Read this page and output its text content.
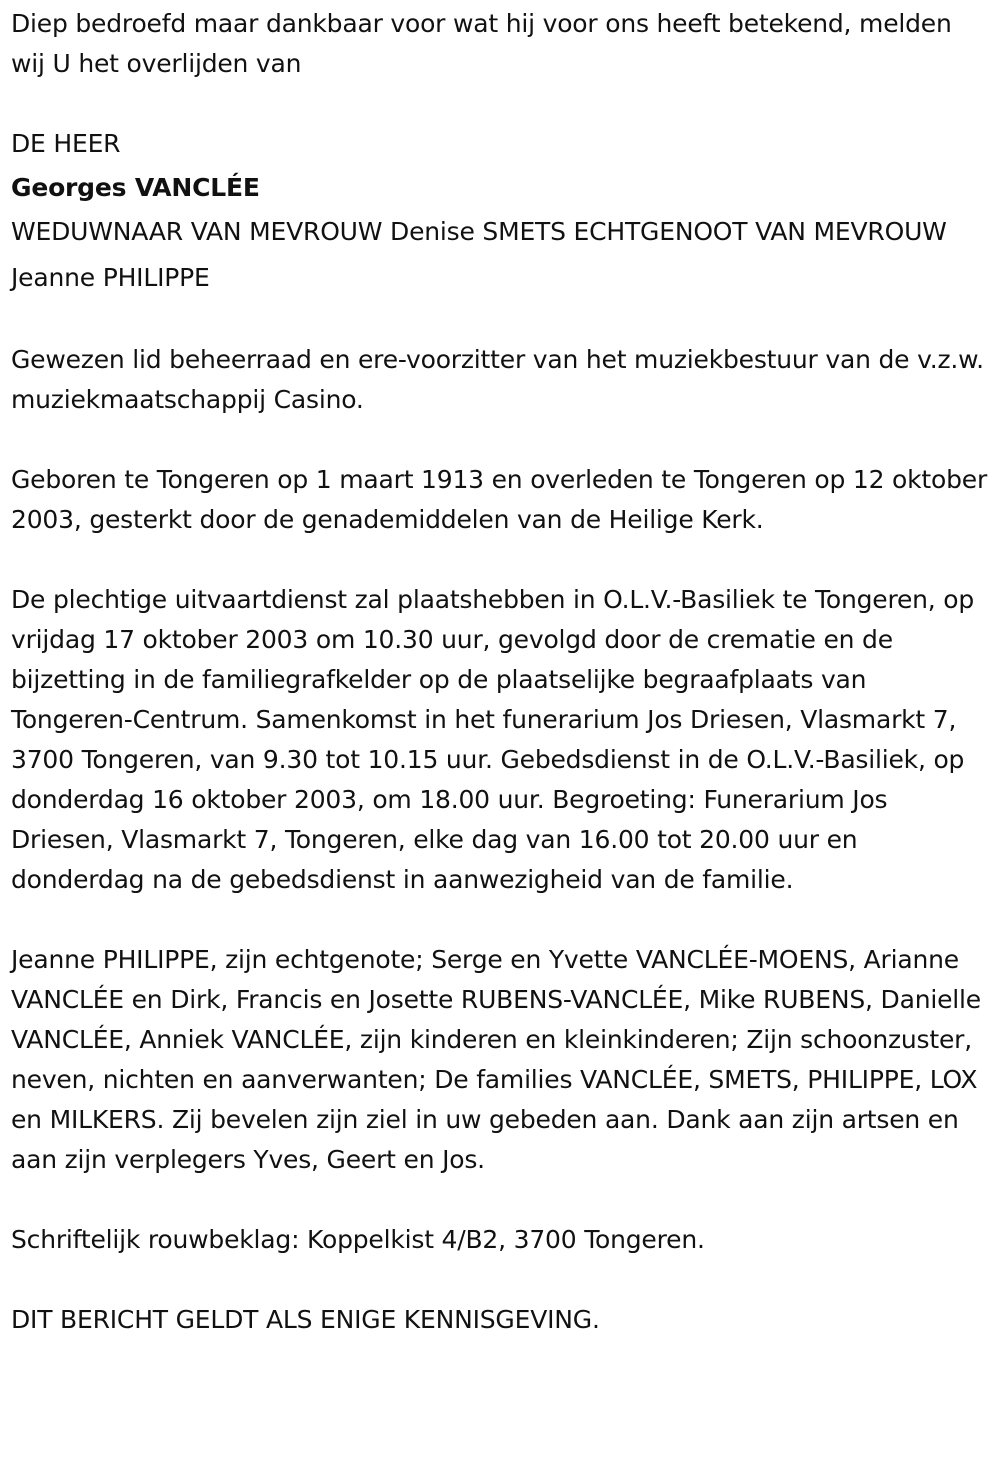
Diep bedroefd maar dankbaar voor wat hij voor ons heeft betekend, melden wij U het overlijden van

DE HEER

Georges VANCLÉE

WEDUWNAAR VAN MEVROUW Denise SMETS ECHTGENOOT VAN MEVROUW

Jeanne PHILIPPE

Gewezen lid beheerraad en ere-voorzitter van het muziekbestuur van de v.z.w. muziekmaatschappij Casino.

Geboren te Tongeren op 1 maart 1913 en overleden te Tongeren op 12 oktober 2003, gesterkt door de genademiddelen van de Heilige Kerk.

De plechtige uitvaartdienst zal plaatshebben in O.L.V.-Basiliek te Tongeren, op vrijdag 17 oktober 2003 om 10.30 uur, gevolgd door de crematie en de bijzetting in de familiegrafkelder op de plaatselijke begraafplaats van Tongeren-Centrum. Samenkomst in het funerarium Jos Driesen, Vlasmarkt 7, 3700 Tongeren, van 9.30 tot 10.15 uur. Gebedsdienst in de O.L.V.-Basiliek, op donderdag 16 oktober 2003, om 18.00 uur. Begroeting: Funerarium Jos Driesen, Vlasmarkt 7, Tongeren, elke dag van 16.00 tot 20.00 uur en donderdag na de gebedsdienst in aanwezigheid van de familie.

Jeanne PHILIPPE, zijn echtgenote; Serge en Yvette VANCLÉE-MOENS, Arianne VANCLÉE en Dirk, Francis en Josette RUBENS-VANCLÉE, Mike RUBENS, Danielle VANCLÉE, Anniek VANCLÉE, zijn kinderen en kleinkinderen; Zijn schoonzuster, neven, nichten en aanverwanten; De families VANCLÉE, SMETS, PHILIPPE, LOX en MILKERS. Zij bevelen zijn ziel in uw gebeden aan. Dank aan zijn artsen en aan zijn verplegers Yves, Geert en Jos.

Schriftelijk rouwbeklag: Koppelkist 4/B2, 3700 Tongeren.

DIT BERICHT GELDT ALS ENIGE KENNISGEVING.
